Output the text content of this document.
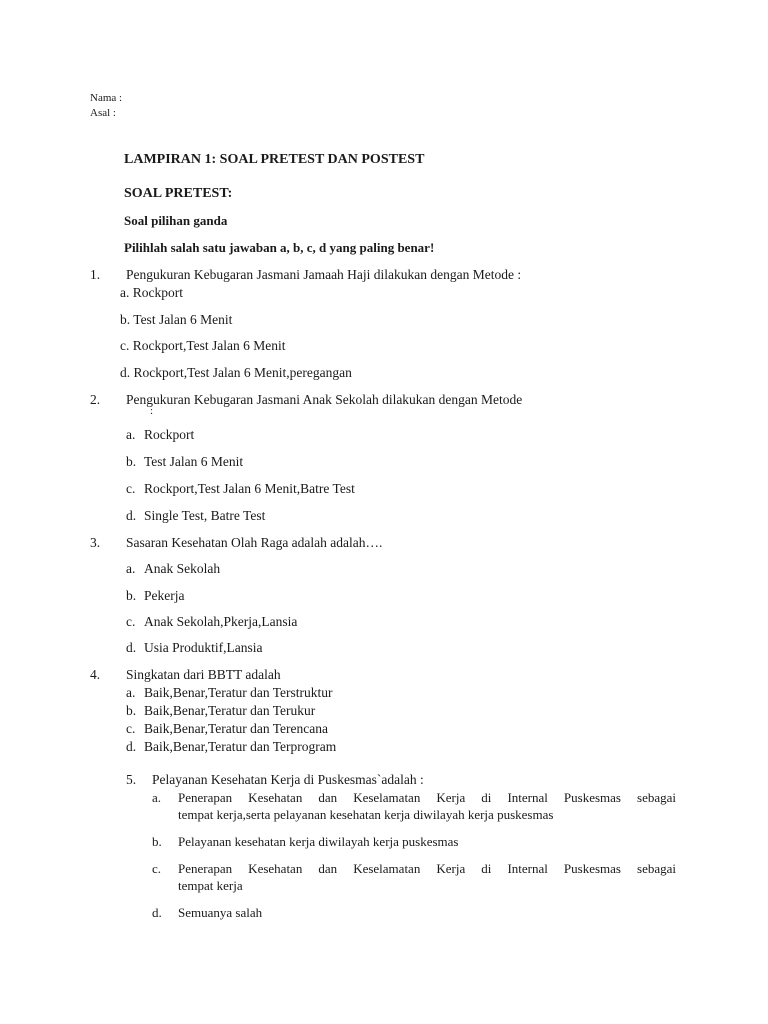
Nama :
Asal :
LAMPIRAN 1: SOAL PRETEST DAN POSTEST
SOAL PRETEST:
Soal pilihan ganda
Pilihlah salah satu jawaban a, b, c, d yang paling benar!
1. Pengukuran Kebugaran Jasmani Jamaah Haji dilakukan dengan Metode :
a. Rockport
b. Test Jalan 6 Menit
c. Rockport,Test Jalan 6 Menit
d. Rockport,Test Jalan 6 Menit,peregangan
2. Pengukuran Kebugaran Jasmani Anak Sekolah dilakukan dengan Metode
:
a. Rockport
b. Test Jalan 6 Menit
c. Rockport,Test Jalan 6 Menit,Batre Test
d. Single Test, Batre Test
3. Sasaran Kesehatan Olah Raga adalah adalah….
a. Anak Sekolah
b. Pekerja
c. Anak Sekolah,Pkerja,Lansia
d. Usia Produktif,Lansia
4. Singkatan dari BBTT adalah
a. Baik,Benar,Teratur dan Terstruktur
b. Baik,Benar,Teratur dan Terukur
c. Baik,Benar,Teratur dan Terencana
d. Baik,Benar,Teratur dan Terprogram
5. Pelayanan Kesehatan Kerja di Puskesmas`adalah :
a. Penerapan Kesehatan dan Keselamatan Kerja di Internal Puskesmas sebagai
tempat kerja,serta pelayanan kesehatan kerja diwilayah kerja puskesmas
b. Pelayanan kesehatan kerja diwilayah kerja puskesmas
c. Penerapan Kesehatan dan Keselamatan Kerja di Internal Puskesmas sebagai
tempat kerja
d. Semuanya salah
